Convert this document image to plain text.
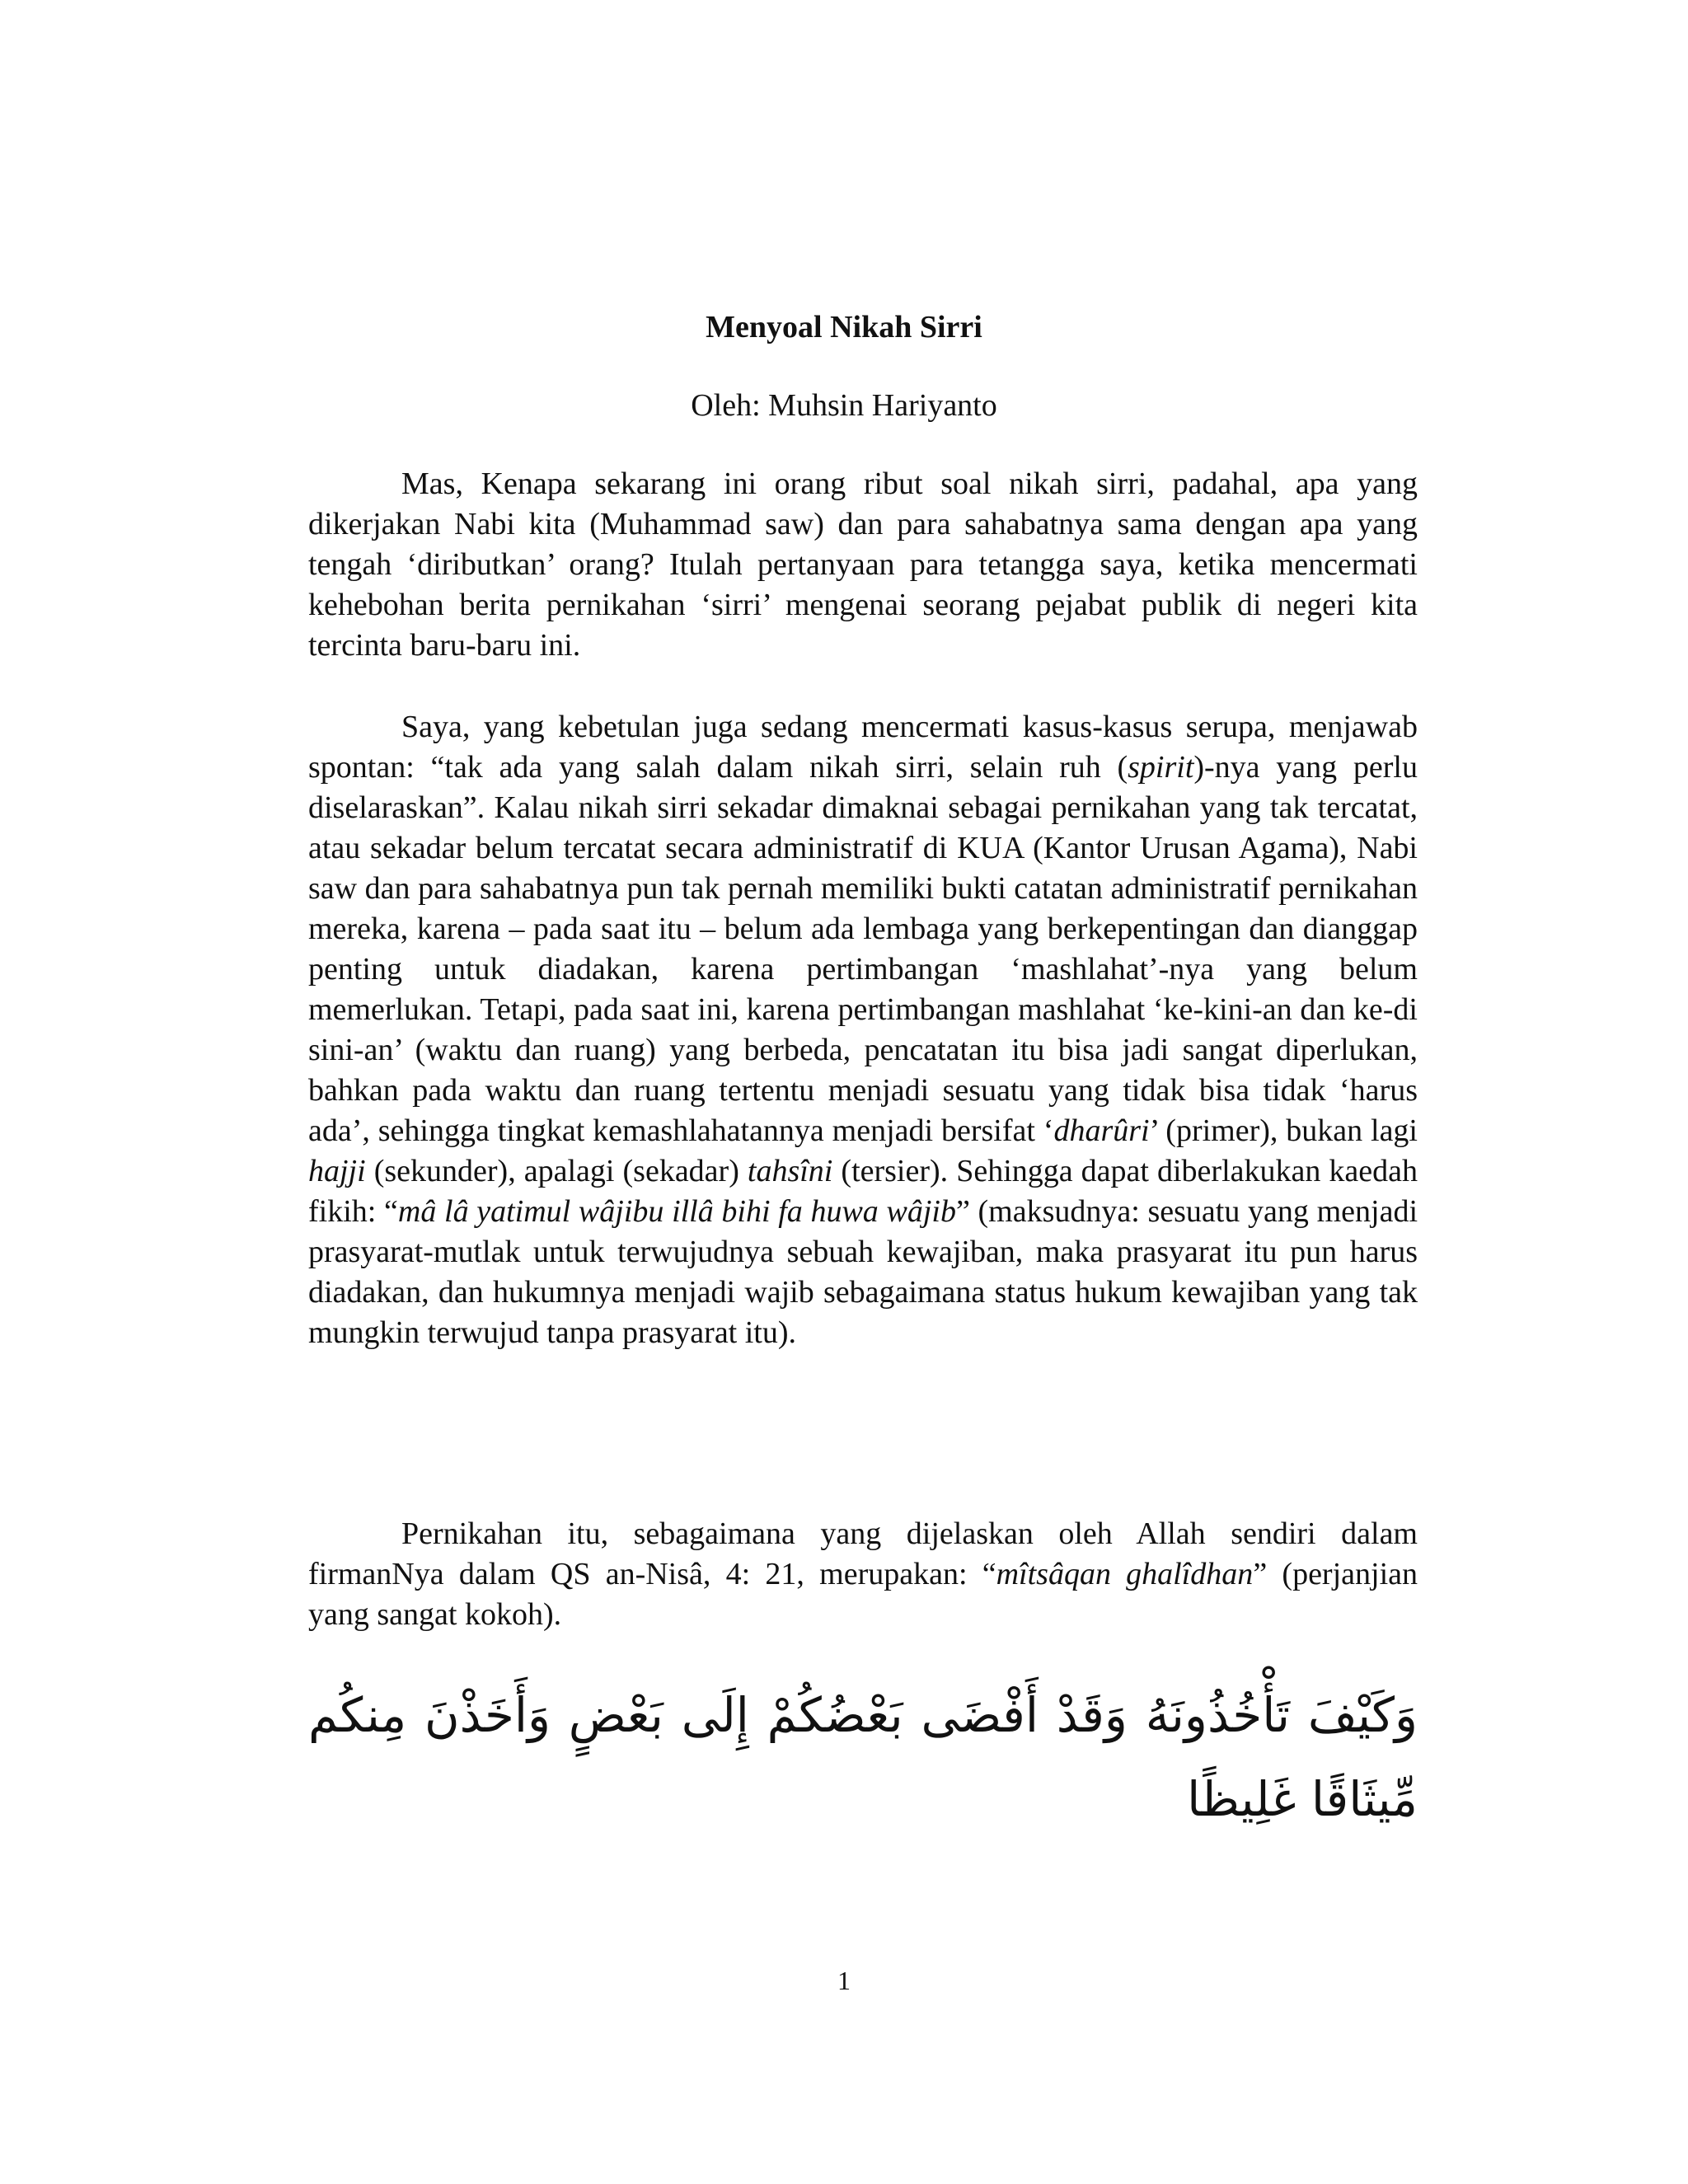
Menyoal Nikah Sirri
Oleh: Muhsin Hariyanto

Mas, Kenapa sekarang ini orang ribut soal nikah sirri, padahal, apa yang dikerjakan Nabi kita (Muhammad saw) dan para sahabatnya sama dengan apa yang tengah ‘diributkan’ orang? Itulah pertanyaan para tetangga saya, ketika mencermati kehebohan berita pernikahan ‘sirri’ mengenai seorang pejabat publik di negeri kita tercinta baru-baru ini.

Saya, yang kebetulan juga sedang mencermati kasus-kasus serupa, menjawab spontan: “tak ada yang salah dalam nikah sirri, selain ruh (spirit)-nya yang perlu diselaraskan”. Kalau nikah sirri sekadar dimaknai sebagai pernikahan yang tak tercatat, atau sekadar belum tercatat secara administratif di KUA (Kantor Urusan Agama), Nabi saw dan para sahabatnya pun tak pernah memiliki bukti catatan administratif pernikahan mereka, karena – pada saat itu – belum ada lembaga yang berkepentingan dan dianggap penting untuk diadakan, karena pertimbangan ‘mashlahat’-nya yang belum memerlukan. Tetapi, pada saat ini, karena pertimbangan mashlahat ‘ke-kini-an dan ke-di sini-an’ (waktu dan ruang) yang berbeda, pencatatan itu bisa jadi sangat diperlukan, bahkan pada waktu dan ruang tertentu menjadi sesuatu yang tidak bisa tidak ‘harus ada’, sehingga tingkat kemashlahatannya menjadi bersifat ‘dharûri’ (primer), bukan lagi hajji (sekunder), apalagi (sekadar) tahsîni (tersier). Sehingga dapat diberlakukan kaedah fikih: “mâ lâ yatimul wâjibu illâ bihi fa huwa wâjib” (maksudnya: sesuatu yang menjadi prasyarat-mutlak untuk terwujudnya sebuah kewajiban, maka prasyarat itu pun harus diadakan, dan hukumnya menjadi wajib sebagaimana status hukum kewajiban yang tak mungkin terwujud tanpa prasyarat itu).

Pernikahan itu, sebagaimana yang dijelaskan oleh Allah sendiri dalam firmanNya dalam QS an-Nisâ, 4: 21, merupakan: “mîtsâqan ghalîdhan” (perjanjian yang sangat kokoh).

وَكَيْفَ تَأْخُذُونَهُ وَقَدْ أَفْضَى بَعْضُكُمْ إِلَى بَعْضٍ وَأَخَذْنَ مِنكُم مِّيثَاقًا غَلِيظًا

1
